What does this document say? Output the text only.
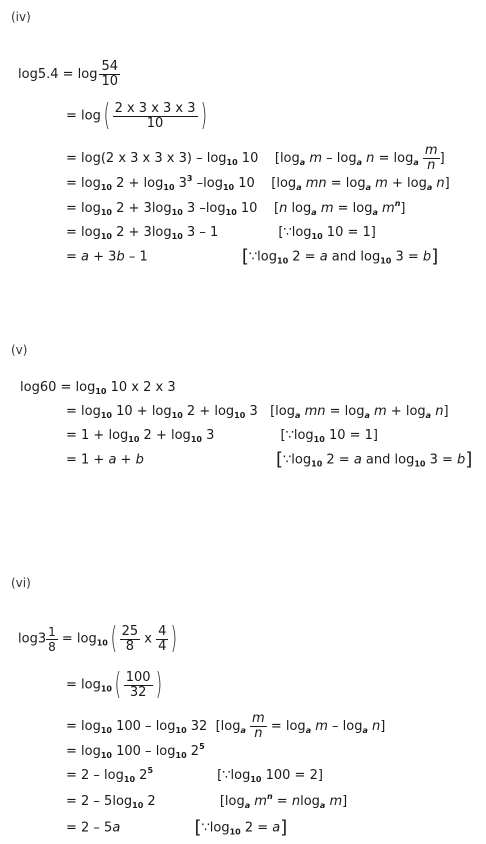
(iv)
$\log 5.4 = \log \frac{54}{10}$
= $\log( \frac{2 x 3 x 3 x 3}{10}$ )
= log(2 x 3 x 3 x $3) - \log_{10} 10$    [$\log_a$ $m - \log_a n = \log_a \frac{m}{n}$ ]
= $\log_{10} 2 + \log_{10} 3^3$ $-\log_{10}$ 10    [$\log_a$ mn = $\log_a m + \log_a n$]
= $\log_{10} 2 + 3\log_{10}$ 3 $-\log_{10}$ 10    [n $\log_a m = \log_a m^n$]
= $\log_{10} 2 + 3\log_{10}$ 3 – 1	[$\because\log_{10}$ 10 = 1]
= a + 3b – 1	[$\because\log_{10}$ 2 = a and $\log_{10} 3 = b$]
(v)
$\log 60 = \log_{10} 10$ x 2 x 3
= $\log_{10} 10 + \log_{10} 2 + \log_{10} 3$   [$\log_a$ mn = $\log_a m + \log_a n$]
= $1 + \log_{10} 2 + \log_{10} 3$	[$\because\log_{10}$ 10 = 1]
= 1 + a + b	[$\because\log_{10}$ 2 = a and $\log_{10} 3 = b$]
(vi)
$\log 3 \frac{1}{8} = \log_{10}( \frac{25}{8}$ x $\frac{4}{4}$ )
= $\log_{10}( \frac{100}{32}$ )
= $\log_{10} 100 - \log_{10} 32$  $[\log_a \frac{m}{n} = \log_a m - \log_a n]$
= $\log_{10} 100 - \log_{10} 2^5$
= $2 - \log_{10} 2^5$	[$\because\log_{10}$ 100 = 2]
= $2 - 5\log_{10}$ 2	[$\log_a$ $m^n = nlog_a$ m]
= 2 – 5a	[$\because\log_{10}$ 2 = a]
